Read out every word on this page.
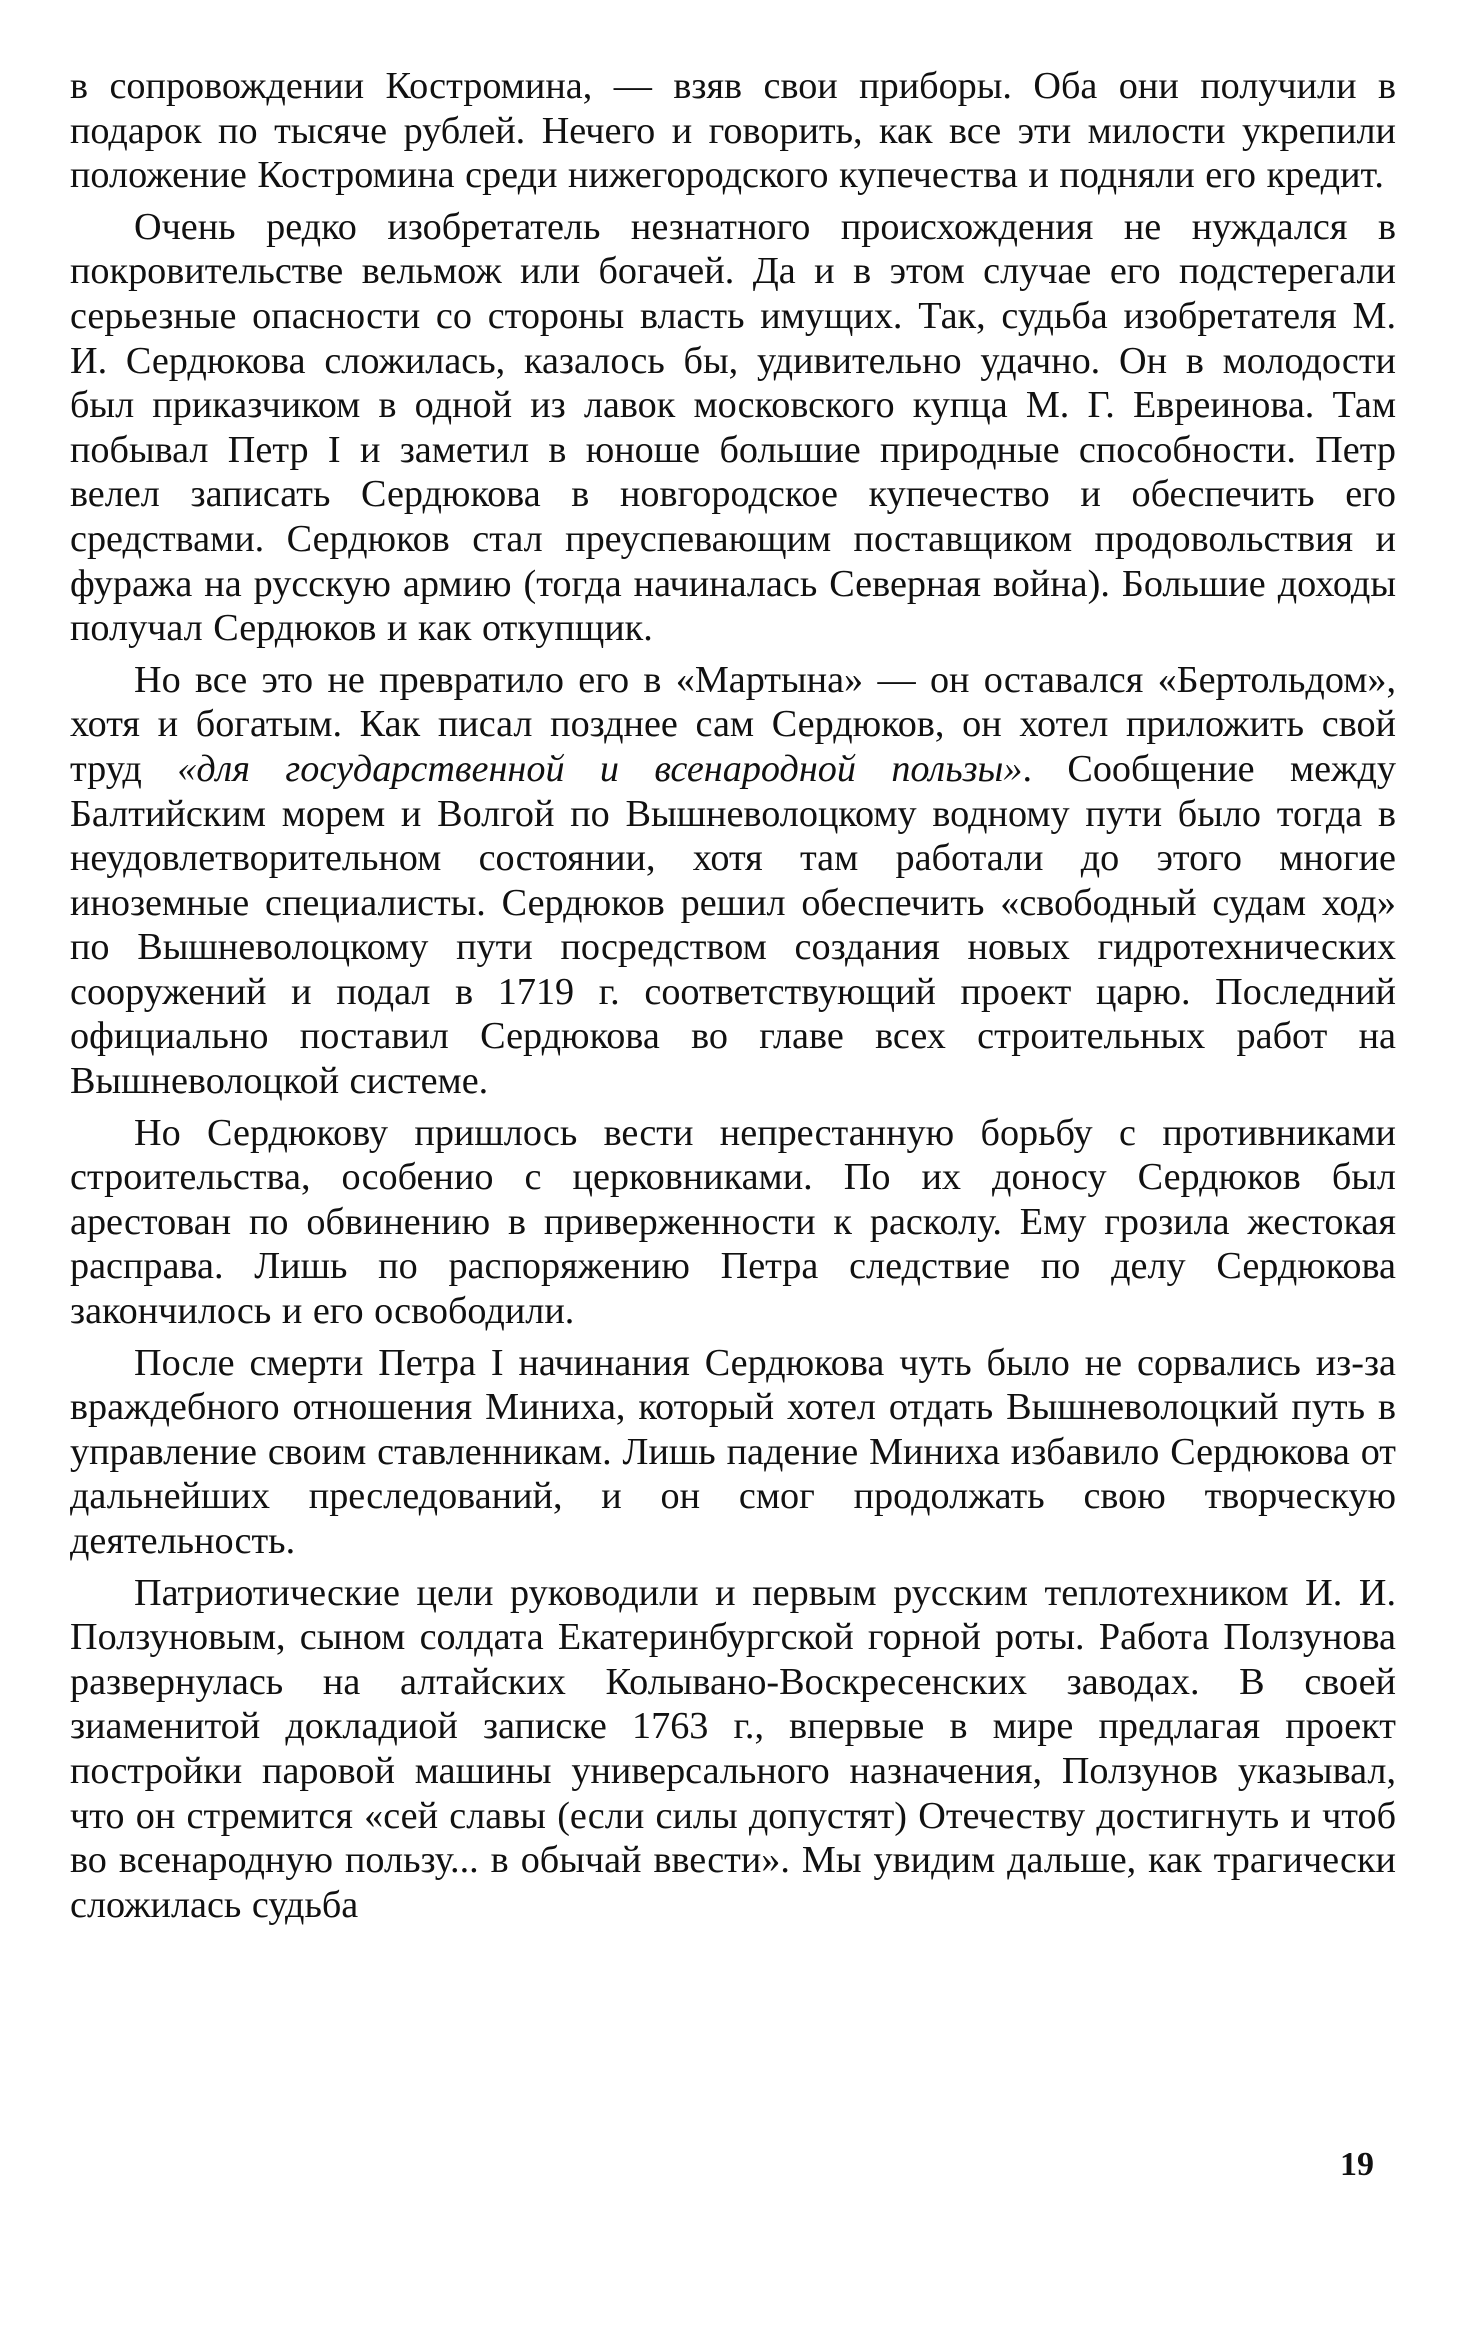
в сопровождении Костромина, — взяв свои приборы. Оба они получили в подарок по тысяче рублей. Нечего и говорить, как все эти милости укрепили положение Костромина среди нижегородского купечества и подняли его кредит.

Очень редко изобретатель незнатного происхождения не нуждался в покровительстве вельмож или богачей. Да и в этом случае его подстерегали серьезные опасности со стороны власть имущих. Так, судьба изобретателя М. И. Сердюкова сложилась, казалось бы, удивительно удачно. Он в молодости был приказчиком в одной из лавок московского купца М. Г. Евреинова. Там побывал Петр I и заметил в юноше большие природные способности. Петр велел записать Сердюкова в новгородское купечество и обеспечить его средствами. Сердюков стал преуспевающим поставщиком продовольствия и фуража на русскую армию (тогда начиналась Северная война). Большие доходы получал Сердюков и как откупщик.

Но все это не превратило его в «Мартына» — он оставался «Бертольдом», хотя и богатым. Как писал позднее сам Сердюков, он хотел приложить свой труд «для государственной и всенародной пользы». Сообщение между Балтийским морем и Волгой по Вышневолоцкому водному пути было тогда в неудовлетворительном состоянии, хотя там работали до этого многие иноземные специалисты. Сердюков решил обеспечить «свободный судам ход» по Вышневолоцкому пути посредством создания новых гидротехнических сооружений и подал в 1719 г. соответствующий проект царю. Последний официально поставил Сердюкова во главе всех строительных работ на Вышневолоцкой системе.

Но Сердюкову пришлось вести непрестанную борьбу с противниками строительства, особенио с церковниками. По их доносу Сердюков был арестован по обвинению в приверженности к расколу. Ему грозила жестокая расправа. Лишь по распоряжению Петра следствие по делу Сердюкова закончилось и его освободили.

После смерти Петра I начинания Сердюкова чуть было не сорвались из-за враждебного отношения Миниха, который хотел отдать Вышневолоцкий путь в управление своим ставленникам. Лишь падение Миниха избавило Сердюкова от дальнейших преследований, и он смог продолжать свою творческую деятельность.

Патриотические цели руководили и первым русским теплотехником И. И. Ползуновым, сыном солдата Екатеринбургской горной роты. Работа Ползунова развернулась на алтайских Колывано-Воскресенских заводах. В своей зиаменитой докладиой записке 1763 г., впервые в мире предлагая проект постройки паровой машины универсального назначения, Ползунов указывал, что он стремится «сей славы (если силы допустят) Отечеству достигнуть и чтоб во всенародную пользу... в обычай ввести». Мы увидим дальше, как трагически сложилась судьба

19
